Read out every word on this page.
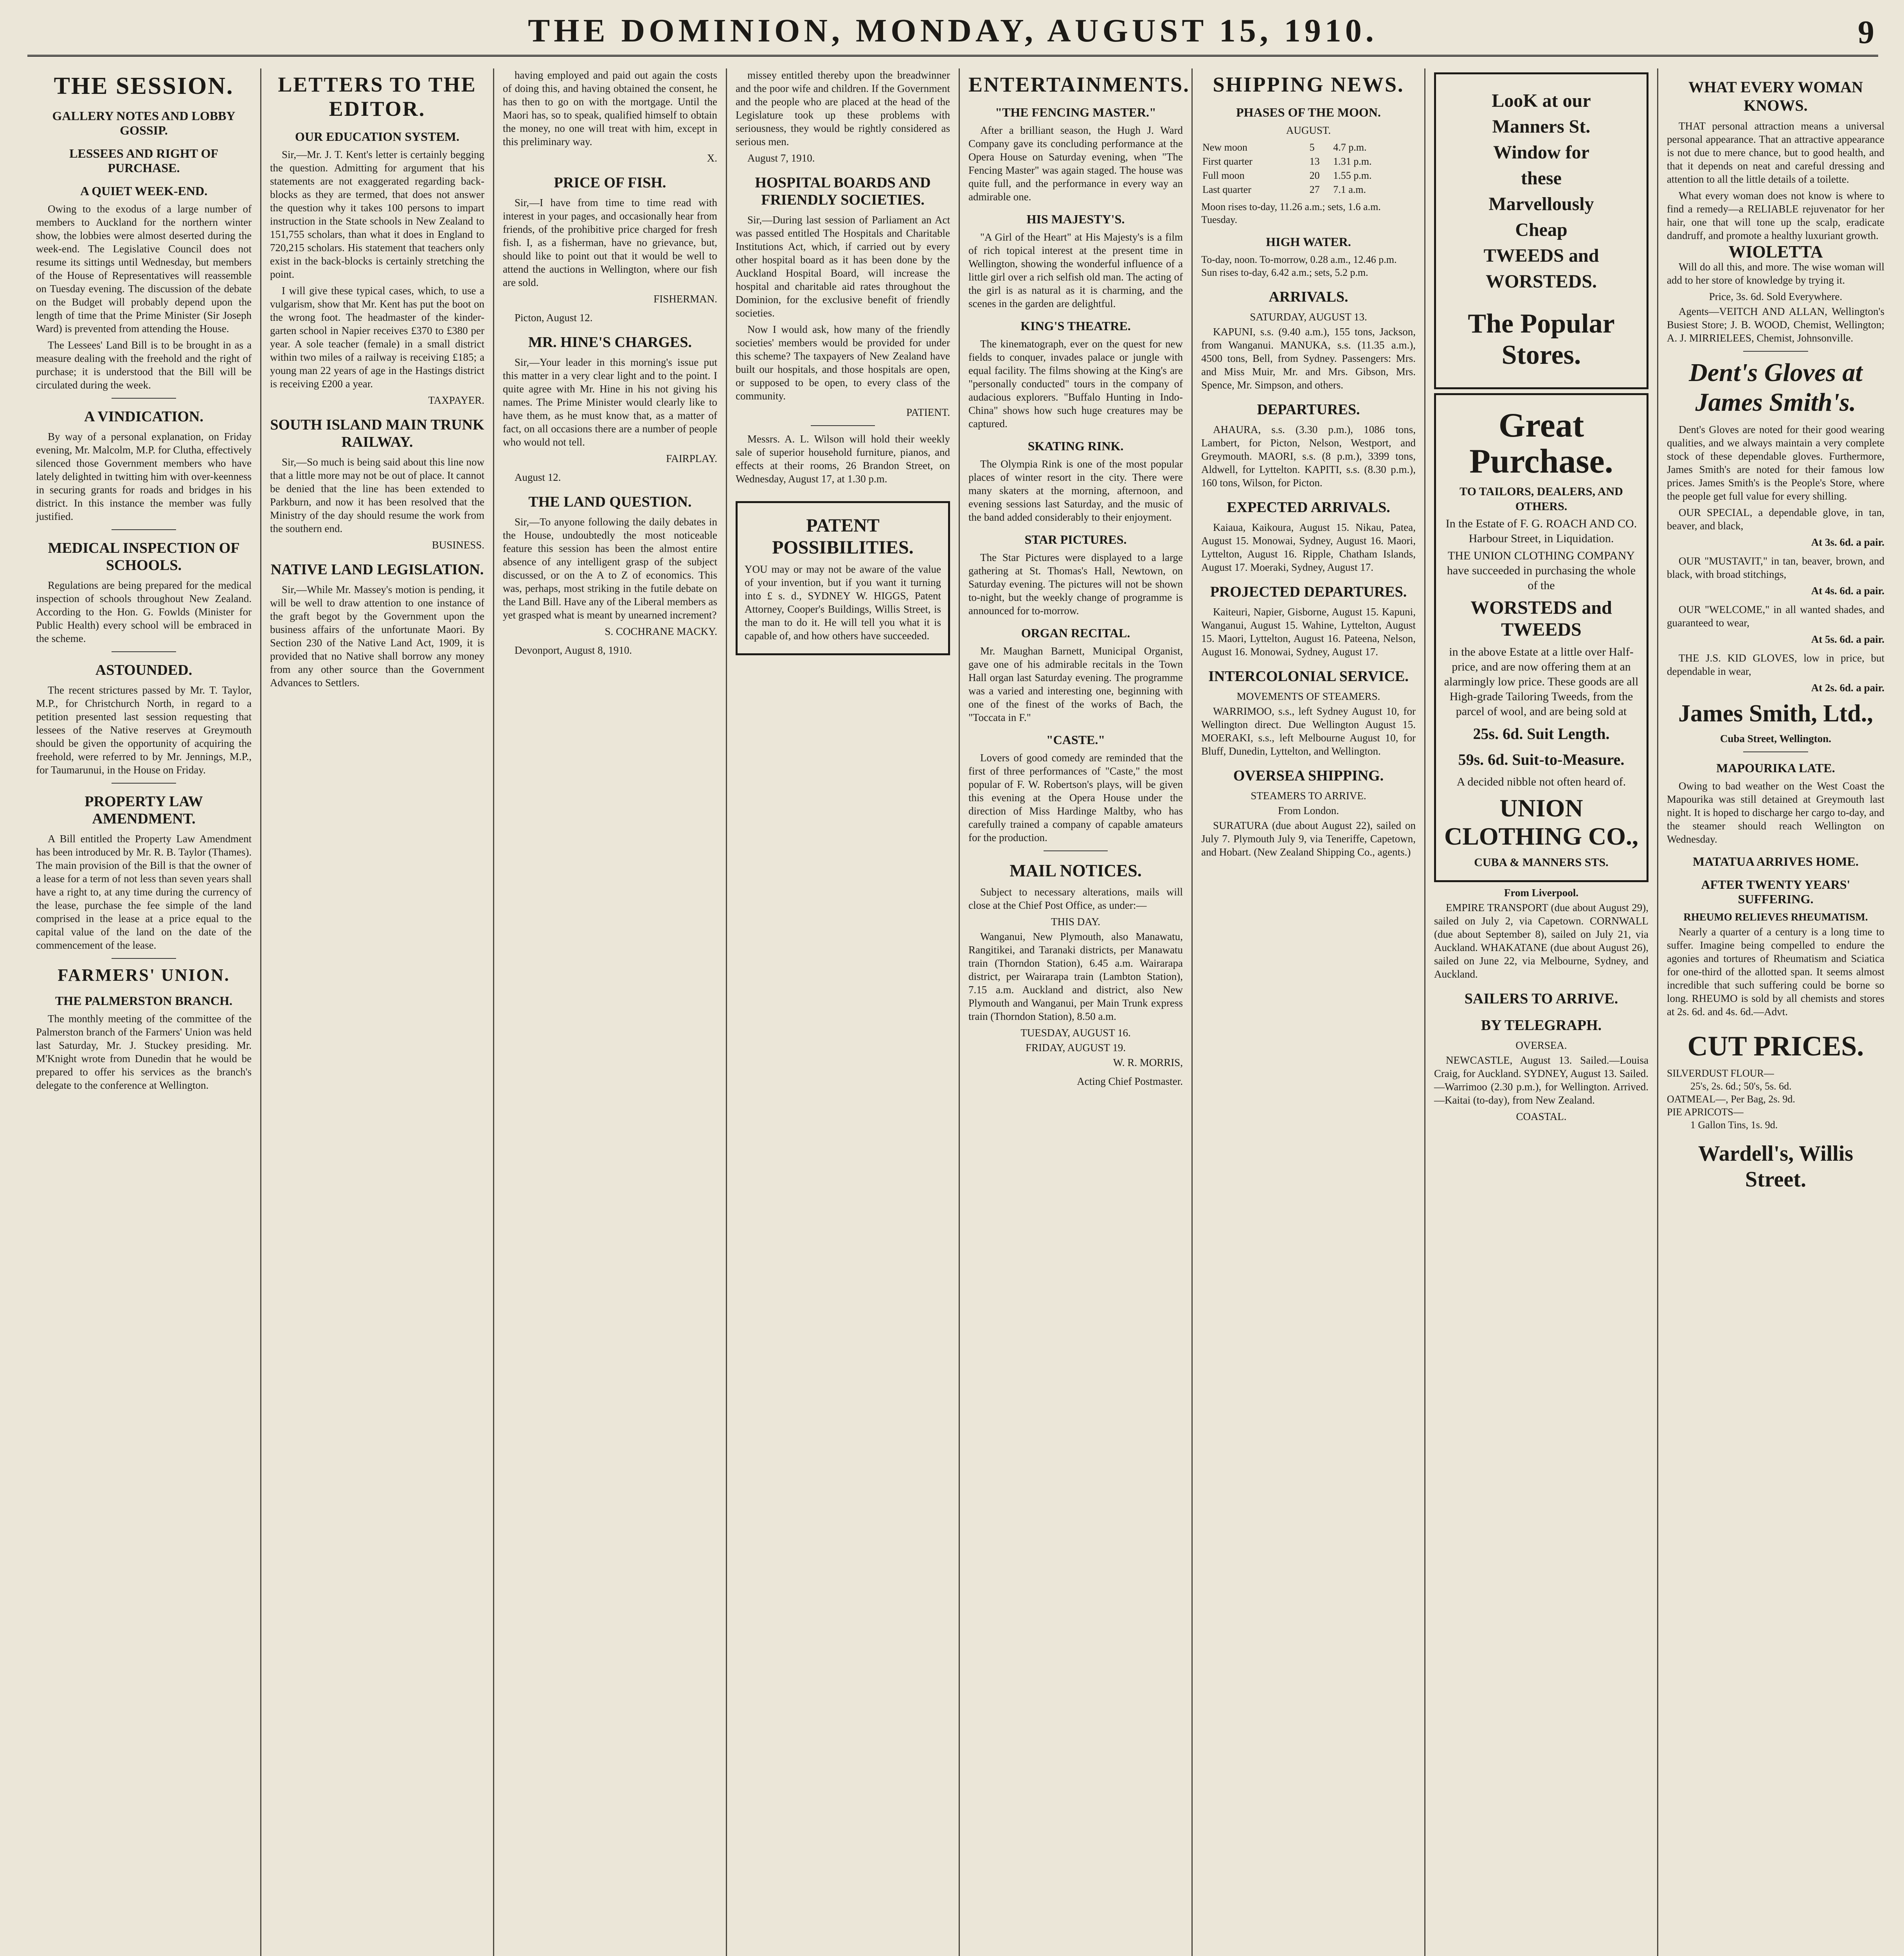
THE DOMINION, MONDAY, AUGUST 15, 1910.	9
THE SESSION.
GALLERY NOTES AND LOBBY GOSSIP.
LESSEES AND RIGHT OF PURCHASE.
A QUIET WEEK-END.

Owing to the exodus of a large number of members to Auckland for the northern winter show, the lobbies were almost deserted during the week-end. The Legislative Council does not resume its sittings until Wednesday, but members of the House of Representatives will reassemble on Tuesday evening. The discussion of the debate on the Budget will probably depend upon the length of time that the Prime Minister (Sir Joseph Ward) is prevented from attending the House.

The Lessees' Land Bill is to be brought in as a measure dealing with the freehold and the right of purchase; it is understood that the Bill will be circulated during the week.

A VINDICATION.

By way of a personal explanation, on Friday evening, Mr. Malcolm, M.P. for Clutha, effectively silenced those Government members who have lately delighted in twitting him with over-keenness in securing grants for roads and bridges in his district. In this instance the member was fully justified.

MEDICAL INSPECTION OF SCHOOLS.

Regulations are being prepared for the medical inspection of schools throughout New Zealand. According to the Hon. G. Fowlds (Minister for Public Health) every school will be embraced in the scheme.

ASTOUNDED.

The recent strictures passed by Mr. T. Taylor, M.P., for Christchurch North, in regard to a petition presented last session requesting that lessees of the Native reserves at Greymouth should be given the opportunity of acquiring the freehold, were referred to by Mr. Jennings, M.P., for Taumarunui, in the House on Friday.

PROPERTY LAW AMENDMENT.

A Bill entitled the Property Law Amendment has been introduced by Mr. R. B. Taylor (Thames). The main provision of the Bill is that the owner of a lease for a term of not less than seven years shall have a right to, at any time during the currency of the lease, purchase the fee simple of the land comprised in the lease at a price equal to the capital value of the land on the date of the commencement of the lease.

FARMERS' UNION.
THE PALMERSTON BRANCH.

The monthly meeting of the committee of the Palmerston branch of the Farmers' Union was held last Saturday, Mr. J. Stuckey presiding. Mr. M'Knight wrote from Dunedin that he would be prepared to offer his services as the branch's delegate to the conference at Wellington.

LETTERS TO THE EDITOR.
OUR EDUCATION SYSTEM.

Sir,—Mr. J. T. Kent's letter is certainly begging the question. Admitting for argument that his statements are not exaggerated regarding back-blocks as they are termed, that does not answer the question why it takes 100 persons to impart instruction in the State schools in New Zealand to 151,755 scholars, than what it does in England to 720,215 scholars. His statement that teachers only exist in the back-blocks is certainly stretching the point.

I will give these typical cases, which, to use a vulgarism, show that Mr. Kent has put the boot on the wrong foot. The headmaster of the kinder-garten school in Napier receives £370 to £380 per year. A sole teacher (female) in a small district within two miles of a railway is receiving £185; a young man 22 years of age in the Hastings district is receiving £200 a year.

TAXPAYER.

SOUTH ISLAND MAIN TRUNK RAILWAY.

Sir,—So much is being said about this line now that a little more may not be out of place. It cannot be denied that the line has been extended to Parkburn, and now it has been resolved that the Ministry of the day should resume the work from the southern end.

BUSINESS.

NATIVE LAND LEGISLATION.

Sir,—While Mr. Massey's motion is pending, it will be well to draw attention to one instance of the graft begot by the Government upon the business affairs of the unfortunate Maori. By Section 230 of the Native Land Act, 1909, it is provided that no Native shall borrow any money from any other source than the Government Advances to Settlers.

having employed and paid out again the costs of doing this, and having obtained the consent, he has then to go on with the mortgage. Until the Maori has, so to speak, qualified himself to obtain the money, no one will treat with him, except in this preliminary way.

X.

PRICE OF FISH.

Sir,—I have from time to time read with interest in your pages, and occasionally hear from friends, of the prohibitive price charged for fresh fish. I, as a fisherman, have no grievance, but, should like to point out that it would be well to attend the auctions in Wellington, where our fish are sold.

FISHERMAN.

Picton, August 12.

MR. HINE'S CHARGES.

Sir,—Your leader in this morning's issue put this matter in a very clear light and to the point. I quite agree with Mr. Hine in his not giving his names. The Prime Minister would clearly like to have them, as he must know that, as a matter of fact, on all occasions there are a number of people who would not tell.

FAIRPLAY.

August 12.

THE LAND QUESTION.

Sir,—To anyone following the daily debates in the House, undoubtedly the most noticeable feature this session has been the almost entire absence of any intelligent grasp of the subject discussed, or on the A to Z of economics. This was, perhaps, most striking in the futile debate on the Land Bill. Have any of the Liberal members as yet grasped what is meant by unearned increment?

S. COCHRANE MACKY.

Devonport, August 8, 1910.

missey entitled thereby upon the breadwinner and the poor wife and children. If the Government and the people who are placed at the head of the Legislature took up these problems with seriousness, they would be rightly considered as serious men.

August 7, 1910.

HOSPITAL BOARDS AND FRIENDLY SOCIETIES.

Sir,—During last session of Parliament an Act was passed entitled The Hospitals and Charitable Institutions Act, which, if carried out by every other hospital board as it has been done by the Auckland Hospital Board, will increase the hospital and charitable aid rates throughout the Dominion, for the exclusive benefit of friendly societies.

Now I would ask, how many of the friendly societies' members would be provided for under this scheme? The taxpayers of New Zealand have built our hospitals, and those hospitals are open, or supposed to be open, to every class of the community.

PATIENT.

Messrs. A. L. Wilson will hold their weekly sale of superior household furniture, pianos, and effects at their rooms, 26 Brandon Street, on Wednesday, August 17, at 1.30 p.m.

PATENT POSSIBILITIES.

YOU may or may not be aware of the value of your invention, but if you want it turning into £ s. d., SYDNEY W. HIGGS, Patent Attorney, Cooper's Buildings, Willis Street, is the man to do it. He will tell you what it is capable of, and how others have succeeded.

ENTERTAINMENTS.
"THE FENCING MASTER."

After a brilliant season, the Hugh J. Ward Company gave its concluding performance at the Opera House on Saturday evening, when "The Fencing Master" was again staged. The house was quite full, and the performance in every way an admirable one.

HIS MAJESTY'S.

"A Girl of the Heart" at His Majesty's is a film of rich topical interest at the present time in Wellington, showing the wonderful influence of a little girl over a rich selfish old man. The acting of the girl is as natural as it is charming, and the scenes in the garden are delightful.

KING'S THEATRE.

The kinematograph, ever on the quest for new fields to conquer, invades palace or jungle with equal facility. The films showing at the King's are "personally conducted" tours in the company of audacious explorers. "Buffalo Hunting in Indo-China" shows how such huge creatures may be captured.

SKATING RINK.

The Olympia Rink is one of the most popular places of winter resort in the city. There were many skaters at the morning, afternoon, and evening sessions last Saturday, and the music of the band added considerably to their enjoyment.

STAR PICTURES.

The Star Pictures were displayed to a large gathering at St. Thomas's Hall, Newtown, on Saturday evening. The pictures will not be shown to-night, but the weekly change of programme is announced for to-morrow.

ORGAN RECITAL.

Mr. Maughan Barnett, Municipal Organist, gave one of his admirable recitals in the Town Hall organ last Saturday evening. The programme was a varied and interesting one, beginning with one of the finest of the works of Bach, the "Toccata in F."

"CASTE."

Lovers of good comedy are reminded that the first of three performances of "Caste," the most popular of F. W. Robertson's plays, will be given this evening at the Opera House under the direction of Miss Hardinge Maltby, who has carefully trained a company of capable amateurs for the production.

MAIL NOTICES.

Subject to necessary alterations, mails will close at the Chief Post Office, as under:—

THIS DAY.

Wanganui, New Plymouth, also Manawatu, Rangitikei, and Taranaki districts, per Manawatu train (Thorndon Station), 6.45 a.m. Wairarapa district, per Wairarapa train (Lambton Station), 7.15 a.m. Auckland and district, also New Plymouth and Wanganui, per Main Trunk express train (Thorndon Station), 8.50 a.m.

TUESDAY, AUGUST 16.

FRIDAY, AUGUST 19.

W. R. MORRIS,

Acting Chief Postmaster.

SHIPPING NEWS.
PHASES OF THE MOON.

AUGUST.

New moon	5	4.7 p.m.
First quarter	13	1.31 p.m.
Full moon	20	1.55 p.m.
Last quarter	27	7.1 a.m.

Moon rises to-day, 11.26 a.m.; sets, 1.6 a.m. Tuesday.

HIGH WATER.

To-day, noon. To-morrow, 0.28 a.m., 12.46 p.m.

Sun rises to-day, 6.42 a.m.; sets, 5.2 p.m.

ARRIVALS.

SATURDAY, AUGUST 13.

KAPUNI, s.s. (9.40 a.m.), 155 tons, Jackson, from Wanganui. MANUKA, s.s. (11.35 a.m.), 4500 tons, Bell, from Sydney. Passengers: Mrs. and Miss Muir, Mr. and Mrs. Gibson, Mrs. Spence, Mr. Simpson, and others.

DEPARTURES.

AHAURA, s.s. (3.30 p.m.), 1086 tons, Lambert, for Picton, Nelson, Westport, and Greymouth. MAORI, s.s. (8 p.m.), 3399 tons, Aldwell, for Lyttelton. KAPITI, s.s. (8.30 p.m.), 160 tons, Wilson, for Picton.

EXPECTED ARRIVALS.

Kaiaua, Kaikoura, August 15. Nikau, Patea, August 15. Monowai, Sydney, August 16. Maori, Lyttelton, August 16. Ripple, Chatham Islands, August 17. Moeraki, Sydney, August 17.

PROJECTED DEPARTURES.

Kaiteuri, Napier, Gisborne, August 15. Kapuni, Wanganui, August 15. Wahine, Lyttelton, August 15. Maori, Lyttelton, August 16. Pateena, Nelson, August 16. Monowai, Sydney, August 17.

INTERCOLONIAL SERVICE.

MOVEMENTS OF STEAMERS.

WARRIMOO, s.s., left Sydney August 10, for Wellington direct. Due Wellington August 15. MOERAKI, s.s., left Melbourne August 10, for Bluff, Dunedin, Lyttelton, and Wellington.

OVERSEA SHIPPING.

STEAMERS TO ARRIVE.

From London.

SURATURA (due about August 22), sailed on July 7. Plymouth July 9, via Teneriffe, Capetown, and Hobart. (New Zealand Shipping Co., agents.)

LooK at our
Manners St.
Window for
these
Marvellously
Cheap
TWEEDS and
WORSTEDS.
The Popular Stores.
Great Purchase.
TO TAILORS, DEALERS, AND OTHERS.
In the Estate of F. G. ROACH AND CO. Harbour Street, in Liquidation.
THE UNION CLOTHING COMPANY have succeeded in purchasing the whole of the
WORSTEDS and TWEEDS
in the above Estate at a little over Half-price, and are now offering them at an alarmingly low price. These goods are all High-grade Tailoring Tweeds, from the parcel of wool, and are being sold at
25s. 6d. Suit Length.
59s. 6d. Suit-to-Measure.
A decided nibble not often heard of.
UNION CLOTHING CO.,
CUBA & MANNERS STS.

From Liverpool.

EMPIRE TRANSPORT (due about August 29), sailed on July 2, via Capetown. CORNWALL (due about September 8), sailed on July 21, via Auckland. WHAKATANE (due about August 26), sailed on June 22, via Melbourne, Sydney, and Auckland.

SAILERS TO ARRIVE.
BY TELEGRAPH.

OVERSEA.

NEWCASTLE, August 13. Sailed.—Louisa Craig, for Auckland. SYDNEY, August 13. Sailed.—Warrimoo (2.30 p.m.), for Wellington. Arrived.—Kaitai (to-day), from New Zealand.

COASTAL.

WHAT EVERY WOMAN KNOWS.

THAT personal attraction means a universal personal appearance. That an attractive appearance is not due to mere chance, but to good health, and that it depends on neat and careful dressing and attention to all the little details of a toilette.

What every woman does not know is where to find a remedy—a RELIABLE rejuvenator for her hair, one that will tone up the scalp, eradicate dandruff, and promote a healthy luxuriant growth.

WIOLETTA

Will do all this, and more. The wise woman will add to her store of knowledge by trying it.

Price, 3s. 6d. Sold Everywhere.

Agents—VEITCH AND ALLAN, Wellington's Busiest Store; J. B. WOOD, Chemist, Wellington; A. J. MIRRIELEES, Chemist, Johnsonville.

Dent's Gloves at James Smith's.

Dent's Gloves are noted for their good wearing qualities, and we always maintain a very complete stock of these dependable gloves. Furthermore, James Smith's are noted for their famous low prices. James Smith's is the People's Store, where the people get full value for every shilling.

OUR SPECIAL, a dependable glove, in tan, beaver, and black,

At 3s. 6d. a pair.

OUR "MUSTAVIT," in tan, beaver, brown, and black, with broad stitchings,

At 4s. 6d. a pair.

OUR "WELCOME," in all wanted shades, and guaranteed to wear,

At 5s. 6d. a pair.

THE J.S. KID GLOVES, low in price, but dependable in wear,

At 2s. 6d. a pair.

James Smith, Ltd.,

Cuba Street, Wellington.

MAPOURIKA LATE.

Owing to bad weather on the West Coast the Mapourika was still detained at Greymouth last night. It is hoped to discharge her cargo to-day, and the steamer should reach Wellington on Wednesday.

MATATUA ARRIVES HOME.
AFTER TWENTY YEARS' SUFFERING.

RHEUMO RELIEVES RHEUMATISM.

Nearly a quarter of a century is a long time to suffer. Imagine being compelled to endure the agonies and tortures of Rheumatism and Sciatica for one-third of the allotted span. It seems almost incredible that such suffering could be borne so long. RHEUMO is sold by all chemists and stores at 2s. 6d. and 4s. 6d.—Advt.

CUT PRICES.

SILVERDUST FLOUR—

25's, 2s. 6d.; 50's, 5s. 6d.

OATMEAL—, Per Bag, 2s. 9d.

PIE APRICOTS—

1 Gallon Tins, 1s. 9d.

Wardell's, Willis Street.
